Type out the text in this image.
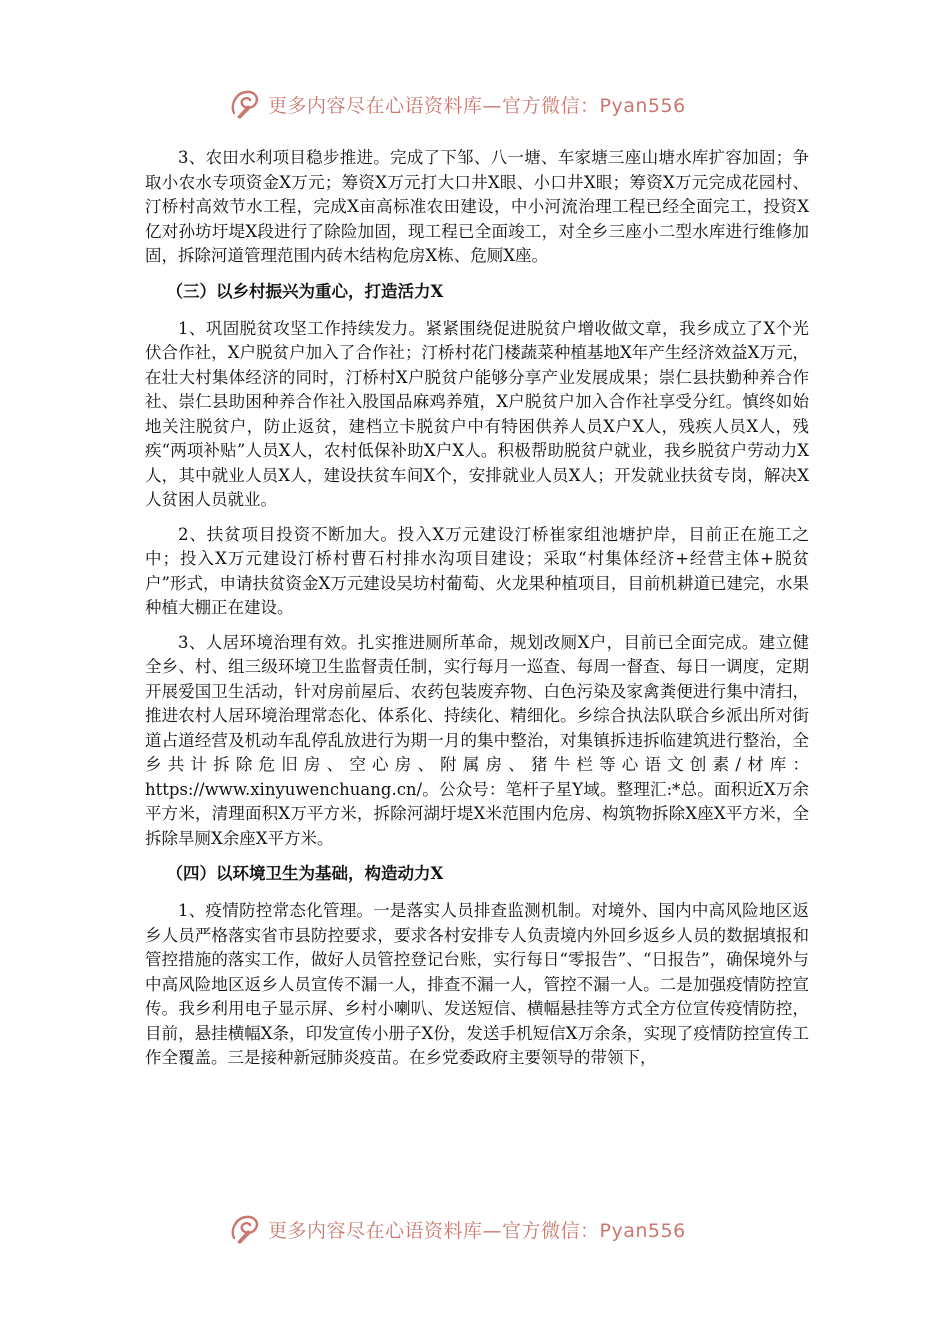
更多内容尽在心语资料库—官方微信：Pyan556

3、农田水利项目稳步推进。完成了下邹、八一塘、车家塘三座山塘水库扩容加固；争取小农水专项资金X万元；筹资X万元打大口井X眼、小口井X眼；筹资X万元完成花园村、汀桥村高效节水工程，完成X亩高标准农田建设，中小河流治理工程已经全面完工，投资X亿对孙坊圩堤X段进行了除险加固，现工程已全面竣工，对全乡三座小二型水库进行维修加固，拆除河道管理范围内砖木结构危房X栋、危厕X座。

（三）以乡村振兴为重心，打造活力X

1、巩固脱贫攻坚工作持续发力。紧紧围绕促进脱贫户增收做文章，我乡成立了X个光伏合作社，X户脱贫户加入了合作社；汀桥村花门楼蔬菜种植基地X年产生经济效益X万元，在壮大村集体经济的同时，汀桥村X户脱贫户能够分享产业发展成果；崇仁县扶勤种养合作社、崇仁县助困种养合作社入股国品麻鸡养殖，X户脱贫户加入合作社享受分红。慎终如始地关注脱贫户，防止返贫，建档立卡脱贫户中有特困供养人员X户X人，残疾人员X人，残疾“两项补贴”人员X人，农村低保补助X户X人。积极帮助脱贫户就业，我乡脱贫户劳动力X人，其中就业人员X人，建设扶贫车间X个，安排就业人员X人；开发就业扶贫专岗，解决X人贫困人员就业。

2、扶贫项目投资不断加大。投入X万元建设汀桥崔家组池塘护岸，目前正在施工之中；投入X万元建设汀桥村曹石村排水沟项目建设；采取“村集体经济+经营主体+脱贫户”形式，申请扶贫资金X万元建设吴坊村葡萄、火龙果种植项目，目前机耕道已建完，水果种植大棚正在建设。

3、人居环境治理有效。扎实推进厕所革命，规划改厕X户，目前已全面完成。建立健全乡、村、组三级环境卫生监督责任制，实行每月一巡查、每周一督查、每日一调度，定期开展爱国卫生活动，针对房前屋后、农药包装废弃物、白色污染及家禽粪便进行集中清扫，推进农村人居环境治理常态化、体系化、持续化、精细化。乡综合执法队联合乡派出所对街道占道经营及机动车乱停乱放进行为期一月的集中整治，对集镇拆违拆临建筑进行整治，全乡共计拆除危旧房、空心房、附属房、猪牛栏等心语文创素/材库：https://www.xinyuwenchuang.cn/。公众号：笔杆子星Y域。整理汇:*总。面积近X万余平方米，清理面积X万平方米，拆除河湖圩堤X米范围内危房、构筑物拆除X座X平方米，全拆除旱厕X余座X平方米。

（四）以环境卫生为基础，构造动力X

1、疫情防控常态化管理。一是落实人员排查监测机制。对境外、国内中高风险地区返乡人员严格落实省市县防控要求，要求各村安排专人负责境内外回乡返乡人员的数据填报和管控措施的落实工作，做好人员管控登记台账，实行每日“零报告”、“日报告”，确保境外与中高风险地区返乡人员宣传不漏一人，排查不漏一人，管控不漏一人。二是加强疫情防控宣传。我乡利用电子显示屏、乡村小喇叭、发送短信、横幅悬挂等方式全方位宣传疫情防控，目前，悬挂横幅X条，印发宣传小册子X份，发送手机短信X万余条，实现了疫情防控宣传工作全覆盖。三是接种新冠肺炎疫苗。在乡党委政府主要领导的带领下，

更多内容尽在心语资料库—官方微信：Pyan556
